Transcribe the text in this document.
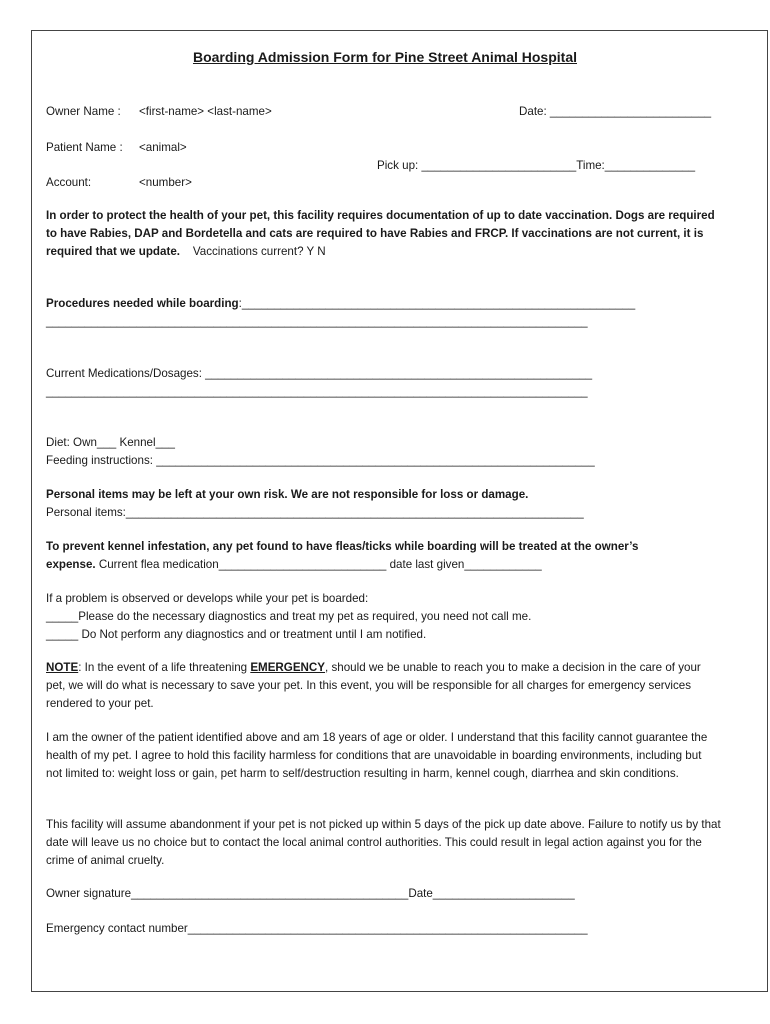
Boarding Admission Form for Pine Street Animal Hospital
Owner Name : <first-name> <last-name>	Date: _________________________
Patient Name : <animal>
Pick up: ________________________Time:______________
Account:	<number>
In order to protect the health of your pet, this facility requires documentation of up to date vaccination. Dogs are required to have Rabies, DAP and Bordetella and cats are required to have Rabies and FRCP. If vaccinations are not current, it is required that we update. Vaccinations current? Y N
Procedures needed while boarding:_____________________________________________________________
____________________________________________________________________________________
Current Medications/Dosages: ____________________________________________________________
____________________________________________________________________________________
Diet: Own___ Kennel___
Feeding instructions: ____________________________________________________________________
Personal items may be left at your own risk. We are not responsible for loss or damage.
Personal items:_______________________________________________________________________
To prevent kennel infestation, any pet found to have fleas/ticks while boarding will be treated at the owner’s
expense. Current flea medication__________________________ date last given____________
If a problem is observed or develops while your pet is boarded:
_____Please do the necessary diagnostics and treat my pet as required, you need not call me.
_____ Do Not perform any diagnostics and or treatment until I am notified.
NOTE: In the event of a life threatening EMERGENCY, should we be unable to reach you to make a decision in the care of your pet, we will do what is necessary to save your pet. In this event, you will be responsible for all charges for emergency services rendered to your pet.
I am the owner of the patient identified above and am 18 years of age or older. I understand that this facility cannot guarantee the health of my pet. I agree to hold this facility harmless for conditions that are unavoidable in boarding environments, including but not limited to: weight loss or gain, pet harm to self/destruction resulting in harm, kennel cough, diarrhea and skin conditions.
This facility will assume abandonment if your pet is not picked up within 5 days of the pick up date above. Failure to notify us by that date will leave us no choice but to contact the local animal control authorities. This could result in legal action against you for the crime of animal cruelty.
Owner signature___________________________________________Date______________________
Emergency contact number______________________________________________________________
